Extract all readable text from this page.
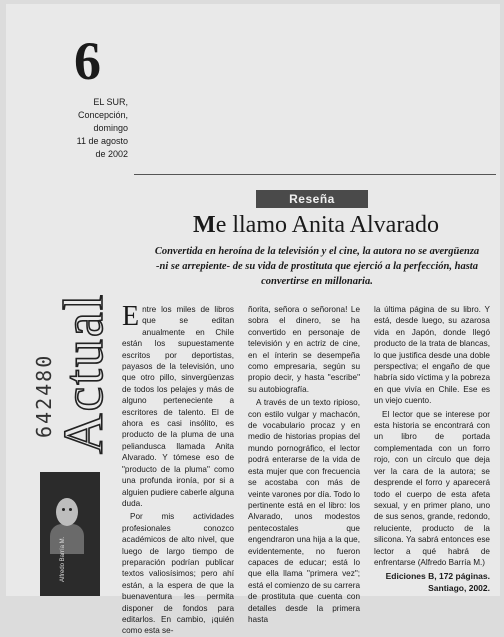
6
EL SUR,
Concepción,
domingo
11 de agosto
de 2002
642480
Actual
Reseña
Me llamo Anita Alvarado
Convertida en heroína de la televisión y el cine, la autora no se avergüenza -ni se arrepiente- de su vida de prostituta que ejerció a la perfección, hasta convertirse en millonaria.

Entre los miles de libros que se editan anualmente en Chile están los supuestamente escritos por deportistas, payasos de la televisión, uno que otro pillo, sinvergüenzas de todos los pelajes y más de alguno perteneciente a escritores de talento. El de ahora es casi insólito, es producto de la pluma de una peliandusca llamada Anita Alvarado. Y tómese eso de "producto de la pluma" como una profunda ironía, por si a alguien pudiere caberle alguna duda.

Por mis actividades profesionales conozco académicos de alto nivel, que luego de largo tiempo de preparación podrían publicar textos valiosísimos; pero ahí están, a la espera de que la buenaventura les permita disponer de fondos para editarlos. En cambio, ¡quién como esta se-

ñorita, señora o señorona! Le sobra el dinero, se ha convertido en personaje de televisión y en actriz de cine, en el ínterin se desempeña como empresaria, según su propio decir, y hasta "escribe" su autobiografía.

A través de un texto ripioso, con estilo vulgar y machacón, de vocabulario procaz y en medio de historias propias del mundo pornográfico, el lector podrá enterarse de la vida de esta mujer que con frecuencia se acostaba con más de veinte varones por día. Todo lo pertinente está en el libro: los Alvarado, unos modestos pentecostales que engendraron una hija a la que, evidentemente, no fueron capaces de educar; está lo que ella llama "primera vez"; está el comienzo de su carrera de prostituta que cuenta con detalles desde la primera hasta

la última página de su libro. Y está, desde luego, su azarosa vida en Japón, donde llegó producto de la trata de blancas, lo que justifica desde una doble perspectiva; el engaño de que habría sido víctima y la pobreza en que vivía en Chile. Ese es un viejo cuento.

El lector que se interese por esta historia se encontrará con un libro de portada complementada con un forro rojo, con un círculo que deja ver la cara de la autora; se desprende el forro y aparecerá todo el cuerpo de esta afeta sexual, y en primer plano, uno de sus senos, grande, redondo, reluciente, producto de la silicona. Ya sabrá entonces ese lector a qué habrá de enfrentarse (Alfredo Barría M.)

Ediciones B, 172 páginas.
Santiago, 2002.
Alfredo Barría M.
